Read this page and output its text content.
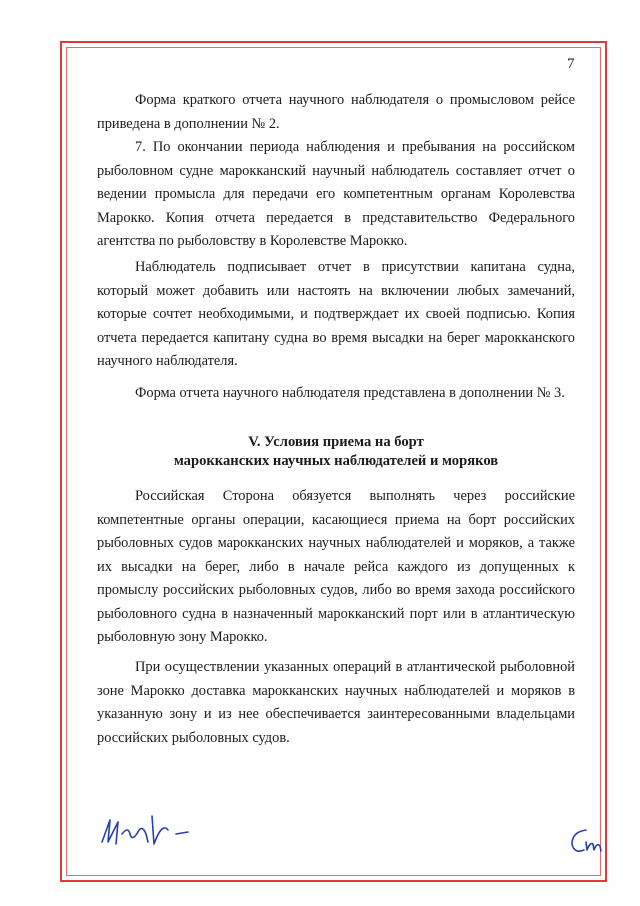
7

Форма краткого отчета научного наблюдателя о промысловом рейсе приведена в дополнении № 2.

7. По окончании периода наблюдения и пребывания на российском рыболовном судне марокканский научный наблюдатель составляет отчет о ведении промысла для передачи его компетентным органам Королевства Марокко. Копия отчета передается в представительство Федерального агентства по рыболовству в Королевстве Марокко.

Наблюдатель подписывает отчет в присутствии капитана судна, который может добавить или настоять на включении любых замечаний, которые сочтет необходимыми, и подтверждает их своей подписью. Копия отчета передается капитану судна во время высадки на берег марокканского научного наблюдателя.

Форма отчета научного наблюдателя представлена в дополнении № 3.

V. Условия приема на борт
марокканских научных наблюдателей и моряков

Российская Сторона обязуется выполнять через российские компетентные органы операции, касающиеся приема на борт российских рыболовных судов марокканских научных наблюдателей и моряков, а также их высадки на берег, либо в начале рейса каждого из допущенных к промыслу российских рыболовных судов, либо во время захода российского рыболовного судна в назначенный марокканский порт или в атлантическую рыболовную зону Марокко.

При осуществлении указанных операций в атлантической рыболовной зоне Марокко доставка марокканских научных наблюдателей и моряков в указанную зону и из нее обеспечивается заинтересованными владельцами российских рыболовных судов.
